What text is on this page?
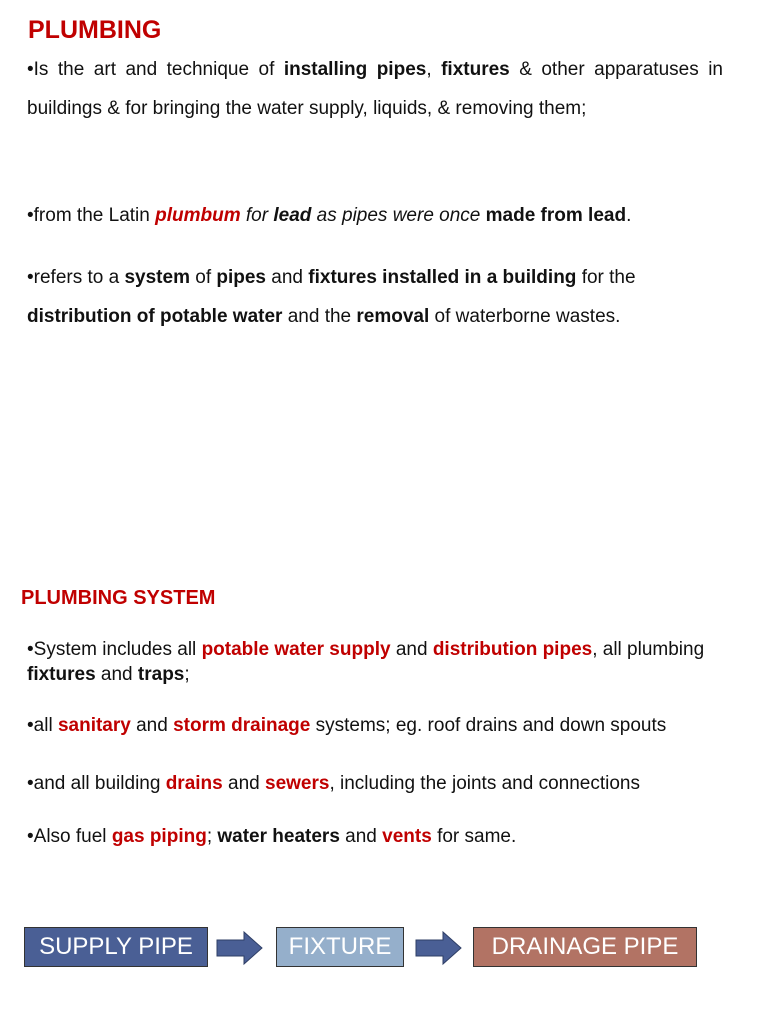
PLUMBING
•Is the art and technique of installing pipes, fixtures & other apparatuses in buildings & for bringing the water supply, liquids, & removing them;
•from the Latin plumbum for lead as pipes were once made from lead.
•refers to a system of pipes and fixtures installed in a building for the distribution of potable water and the removal of waterborne wastes.
PLUMBING SYSTEM
•System includes all potable water supply and distribution pipes, all plumbing fixtures and traps;
•all sanitary and storm drainage systems; eg. roof drains and down spouts
•and all building drains and sewers, including the joints and connections
•Also fuel gas piping; water heaters and vents for same.
SUPPLY PIPE	FIXTURE	DRAINAGE PIPE
